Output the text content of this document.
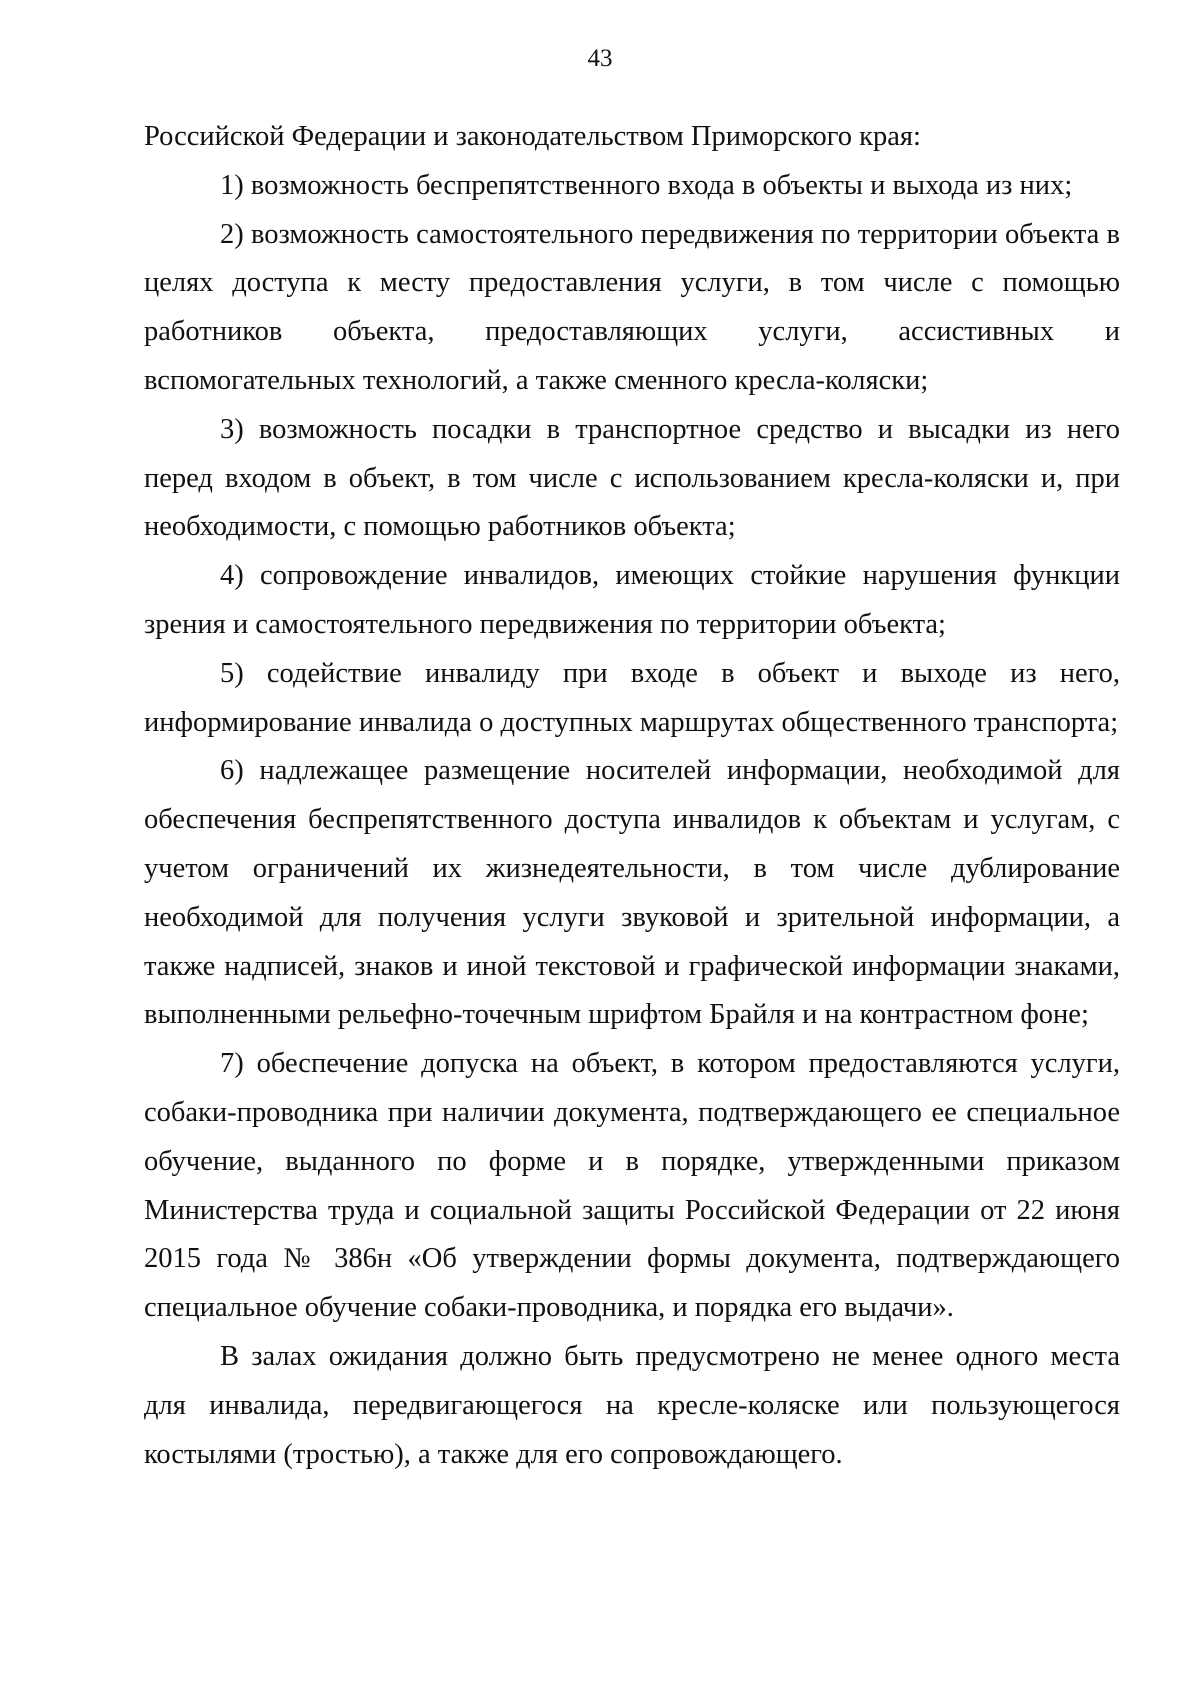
43

Российской Федерации и законодательством Приморского края:

1) возможность беспрепятственного входа в объекты и выхода из них;

2) возможность самостоятельного передвижения по территории объекта в целях доступа к месту предоставления услуги, в том числе с помощью работников объекта, предоставляющих услуги, ассистивных и вспомогательных технологий, а также сменного кресла-коляски;

3) возможность посадки в транспортное средство и высадки из него перед входом в объект, в том числе с использованием кресла-коляски и, при необходимости, с помощью работников объекта;

4) сопровождение инвалидов, имеющих стойкие нарушения функции зрения и самостоятельного передвижения по территории объекта;

5) содействие инвалиду при входе в объект и выходе из него, информирование инвалида о доступных маршрутах общественного транспорта;

6) надлежащее размещение носителей информации, необходимой для обеспечения беспрепятственного доступа инвалидов к объектам и услугам, с учетом ограничений их жизнедеятельности, в том числе дублирование необходимой для получения услуги звуковой и зрительной информации, а также надписей, знаков и иной текстовой и графической информации знаками, выполненными рельефно-точечным шрифтом Брайля и на контрастном фоне;

7) обеспечение допуска на объект, в котором предоставляются услуги, собаки-проводника при наличии документа, подтверждающего ее специальное обучение, выданного по форме и в порядке, утвержденными приказом Министерства труда и социальной защиты Российской Федерации от 22 июня 2015 года № 386н «Об утверждении формы документа, подтверждающего специальное обучение собаки-проводника, и порядка его выдачи».

В залах ожидания должно быть предусмотрено не менее одного места для инвалида, передвигающегося на кресле-коляске или пользующегося костылями (тростью), а также для его сопровождающего.
